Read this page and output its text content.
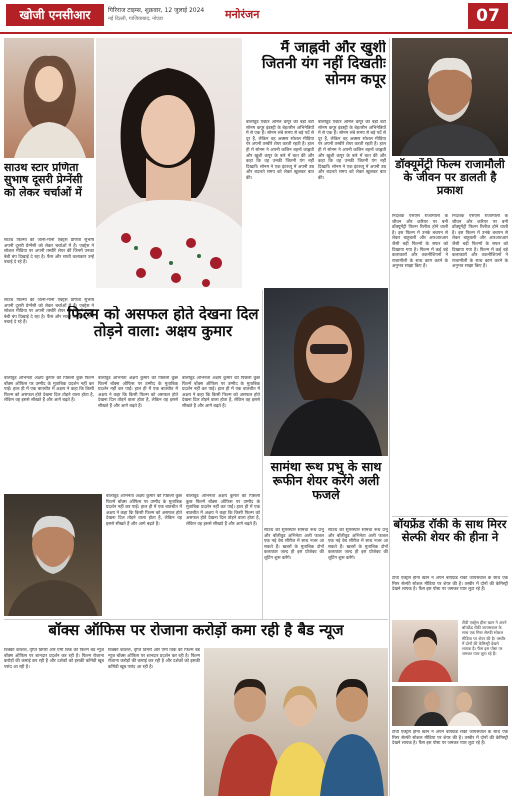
खोजी एनसीआर	गिरिराज टाइम्स, शुक्रवार, 12 जुलाई 2024
नई दिल्ली, गाजियाबाद, नोएडा	मनोरंजन	07
मैं जाह्नवी और खुशी जितनी यंग नहीं दिखतीः सोनम कपूर
बॉलीवुड एक्टर अनिल कपूर की बड़ी बेटी सोनम कपूर इंडस्ट्री के बेहतरीन अभिनेत्रियों में से एक हैं। सोनम लंबे समय से बड़े पर्दे से दूर हैं, लेकिन वह अक्सर सोशल मीडिया पर अपनी तस्वीरें शेयर करती रहती हैं। हाल ही में सोनम ने अपनी कजिन बहनों जाह्नवी और खुशी कपूर के बारे में बात की और कहा कि वह उनकी जितनी यंग नहीं दिखतीं। सोनम ने एक इंटरव्यू में अपनी उम्र और बदलते समय को लेकर खुलकर बात की।
बॉलीवुड एक्टर अनिल कपूर की बड़ी बेटी सोनम कपूर इंडस्ट्री के बेहतरीन अभिनेत्रियों में से एक हैं। सोनम लंबे समय से बड़े पर्दे से दूर हैं, लेकिन वह अक्सर सोशल मीडिया पर अपनी तस्वीरें शेयर करती रहती हैं। हाल ही में सोनम ने अपनी कजिन बहनों जाह्नवी और खुशी कपूर के बारे में बात की और कहा कि वह उनकी जितनी यंग नहीं दिखतीं। सोनम ने एक इंटरव्यू में अपनी उम्र और बदलते समय को लेकर खुलकर बात की।
डॉक्यूमेंट्री फिल्म राजामौली के जीवन पर डालती है प्रकाश
निर्देशक एसएस राजामौली के जीवन और करियर पर बनी डॉक्यूमेंट्री फिल्म रिलीज होने वाली है। इस फिल्म में उनके बचपन से लेकर बाहुबली और आरआरआर जैसी बड़ी फिल्मों के सफर को दिखाया गया है। फिल्म में कई बड़े कलाकारों और तकनीशियनों ने राजामौली के साथ काम करने के अनुभव साझा किए हैं।
निर्देशक एसएस राजामौली के जीवन और करियर पर बनी डॉक्यूमेंट्री फिल्म रिलीज होने वाली है। इस फिल्म में उनके बचपन से लेकर बाहुबली और आरआरआर जैसी बड़ी फिल्मों के सफर को दिखाया गया है। फिल्म में कई बड़े कलाकारों और तकनीशियनों ने राजामौली के साथ काम करने के अनुभव साझा किए हैं।
साउथ स्टार प्रणिता सुभाष दूसरी प्रेग्नेंसी को लेकर चर्चाओं में
साउथ फिल्मों की जानी-मानी एक्ट्रेस प्रणिता सुभाष अपनी दूसरी प्रेग्नेंसी को लेकर चर्चाओं में हैं। एक्ट्रेस ने सोशल मीडिया पर अपनी तस्वीरें शेयर कीं जिनमें उनका बेबी बंप दिखाई दे रहा है। फैंस और साथी कलाकार उन्हें बधाई दे रहे हैं।
साउथ फिल्मों की जानी-मानी एक्ट्रेस प्रणिता सुभाष अपनी दूसरी प्रेग्नेंसी को लेकर चर्चाओं में हैं। एक्ट्रेस ने सोशल मीडिया पर अपनी तस्वीरें शेयर कीं जिनमें उनका बेबी बंप दिखाई दे रहा है। फैंस और साथी कलाकार उन्हें बधाई दे रहे हैं।	फिल्म को असफल होते देखना दिल तोड़ने वाला: अक्षय कुमार
बॉलीवुड अभिनेता अक्षय कुमार की पिछली कुछ फिल्में बॉक्स ऑफिस पर उम्मीद के मुताबिक प्रदर्शन नहीं कर पाईं। हाल ही में एक बातचीत में अक्षय ने कहा कि किसी फिल्म को असफल होते देखना दिल तोड़ने वाला होता है, लेकिन वह इससे सीखते हैं और आगे बढ़ते हैं।
बॉलीवुड अभिनेता अक्षय कुमार की पिछली कुछ फिल्में बॉक्स ऑफिस पर उम्मीद के मुताबिक प्रदर्शन नहीं कर पाईं। हाल ही में एक बातचीत में अक्षय ने कहा कि किसी फिल्म को असफल होते देखना दिल तोड़ने वाला होता है, लेकिन वह इससे सीखते हैं और आगे बढ़ते हैं।
बॉलीवुड अभिनेता अक्षय कुमार की पिछली कुछ फिल्में बॉक्स ऑफिस पर उम्मीद के मुताबिक प्रदर्शन नहीं कर पाईं। हाल ही में एक बातचीत में अक्षय ने कहा कि किसी फिल्म को असफल होते देखना दिल तोड़ने वाला होता है, लेकिन वह इससे सीखते हैं और आगे बढ़ते हैं।
बॉलीवुड अभिनेता अक्षय कुमार की पिछली कुछ फिल्में बॉक्स ऑफिस पर उम्मीद के मुताबिक प्रदर्शन नहीं कर पाईं। हाल ही में एक बातचीत में अक्षय ने कहा कि किसी फिल्म को असफल होते देखना दिल तोड़ने वाला होता है, लेकिन वह इससे सीखते हैं और आगे बढ़ते हैं।
बॉलीवुड अभिनेता अक्षय कुमार की पिछली कुछ फिल्में बॉक्स ऑफिस पर उम्मीद के मुताबिक प्रदर्शन नहीं कर पाईं। हाल ही में एक बातचीत में अक्षय ने कहा कि किसी फिल्म को असफल होते देखना दिल तोड़ने वाला होता है, लेकिन वह इससे सीखते हैं और आगे बढ़ते हैं।
सामंथा रूथ प्रभु के साथ रूफीन शेयर करेंगे अली फजले
साउथ की सुपरस्टार सामंथा रूथ प्रभु और बॉलीवुड अभिनेता अली फजल एक नई वेब सीरीज में साथ नजर आ सकते हैं। खबरों के मुताबिक दोनों कलाकार जल्द ही इस प्रोजेक्ट की शूटिंग शुरू करेंगे।
साउथ की सुपरस्टार सामंथा रूथ प्रभु और बॉलीवुड अभिनेता अली फजल एक नई वेब सीरीज में साथ नजर आ सकते हैं। खबरों के मुताबिक दोनों कलाकार जल्द ही इस प्रोजेक्ट की शूटिंग शुरू करेंगे।
बॉयफ्रेंड रॉकी के साथ मिरर सेल्फी शेयर की हीना ने
टीवी एक्ट्रेस हीना खान ने अपने बॉयफ्रेंड रॉकी जायसवाल के साथ एक मिरर सेल्फी सोशल मीडिया पर शेयर की है। तस्वीर में दोनों की केमिस्ट्री देखने लायक है। फैंस इस पोस्ट पर जमकर प्यार लुटा रहे हैं।
टीवी एक्ट्रेस हीना खान ने अपने बॉयफ्रेंड रॉकी जायसवाल के साथ एक मिरर सेल्फी सोशल मीडिया पर शेयर की है। तस्वीर में दोनों की केमिस्ट्री देखने लायक है। फैंस इस पोस्ट पर जमकर प्यार लुटा रहे हैं।
टीवी एक्ट्रेस हीना खान ने अपने बॉयफ्रेंड रॉकी जायसवाल के साथ एक मिरर सेल्फी सोशल मीडिया पर शेयर की है। तस्वीर में दोनों की केमिस्ट्री देखने लायक है। फैंस इस पोस्ट पर जमकर प्यार लुटा रहे हैं।
बॉक्स ऑफिस पर रोजाना करोड़ों कमा रही है बैड न्यूज
विक्की कौशल, तृप्ति डिमरी और एमी विर्क की फिल्म बैड न्यूज बॉक्स ऑफिस पर शानदार प्रदर्शन कर रही है। फिल्म रोजाना करोड़ों की कमाई कर रही है और दर्शकों को इसकी कॉमेडी खूब पसंद आ रही है।
विक्की कौशल, तृप्ति डिमरी और एमी विर्क की फिल्म बैड न्यूज बॉक्स ऑफिस पर शानदार प्रदर्शन कर रही है। फिल्म रोजाना करोड़ों की कमाई कर रही है और दर्शकों को इसकी कॉमेडी खूब पसंद आ रही है।
